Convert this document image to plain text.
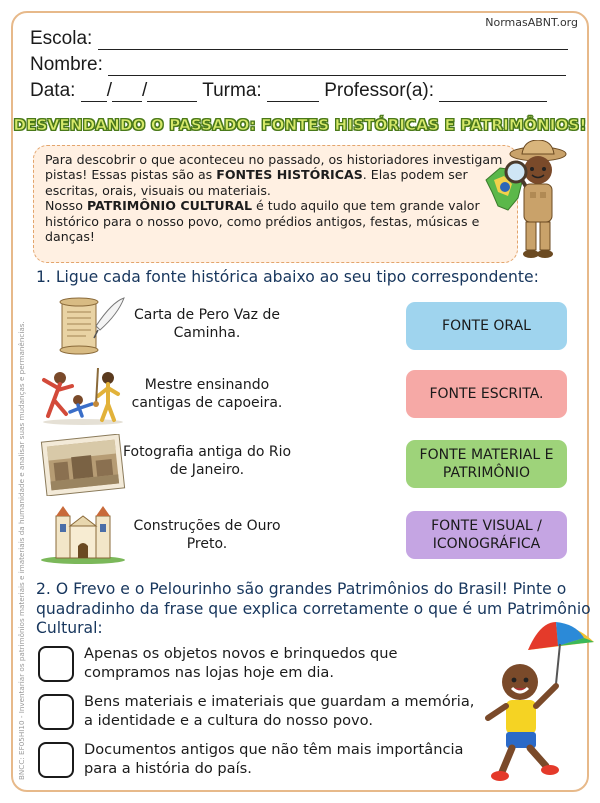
NormasABNT.org
Escola:
Nombre:
Data: / /	Turma:	Professor(a):
DESVENDANDO O PASSADO: FONTES HISTÓRICAS E PATRIMÔNIOS!

Para descobrir o que aconteceu no passado, os historiadores investigam pistas! Essas pistas são as FONTES HISTÓRICAS. Elas podem ser escritas, orais, visuais ou materiais.

Nosso PATRIMÔNIO CULTURAL é tudo aquilo que tem grande valor histórico para o nosso povo, como prédios antigos, festas, músicas e danças!

1. Ligue cada fonte histórica abaixo ao seu tipo correspondente:
Carta de Pero Vaz de Caminha.
Mestre ensinando cantigas de capoeira.
Fotografia antiga do Rio de Janeiro.
Construções de Ouro Preto.
FONTE ORAL
FONTE ESCRITA.
FONTE MATERIAL E PATRIMÔNIO
FONTE VISUAL / ICONOGRÁFICA
2. O Frevo e o Pelourinho são grandes Patrimônios do Brasil! Pinte o quadradinho da frase que explica corretamente o que é um Patrimônio Cultural:
Apenas os objetos novos e brinquedos que compramos nas lojas hoje em dia.
Bens materiais e imateriais que guardam a memória, a identidade e a cultura do nosso povo.
Documentos antigos que não têm mais importância para a história do país.
BNCC: EF05HI10 - Inventariar os patrimônios materiais e imateriais da humanidade e analisar suas mudanças e permanências.
